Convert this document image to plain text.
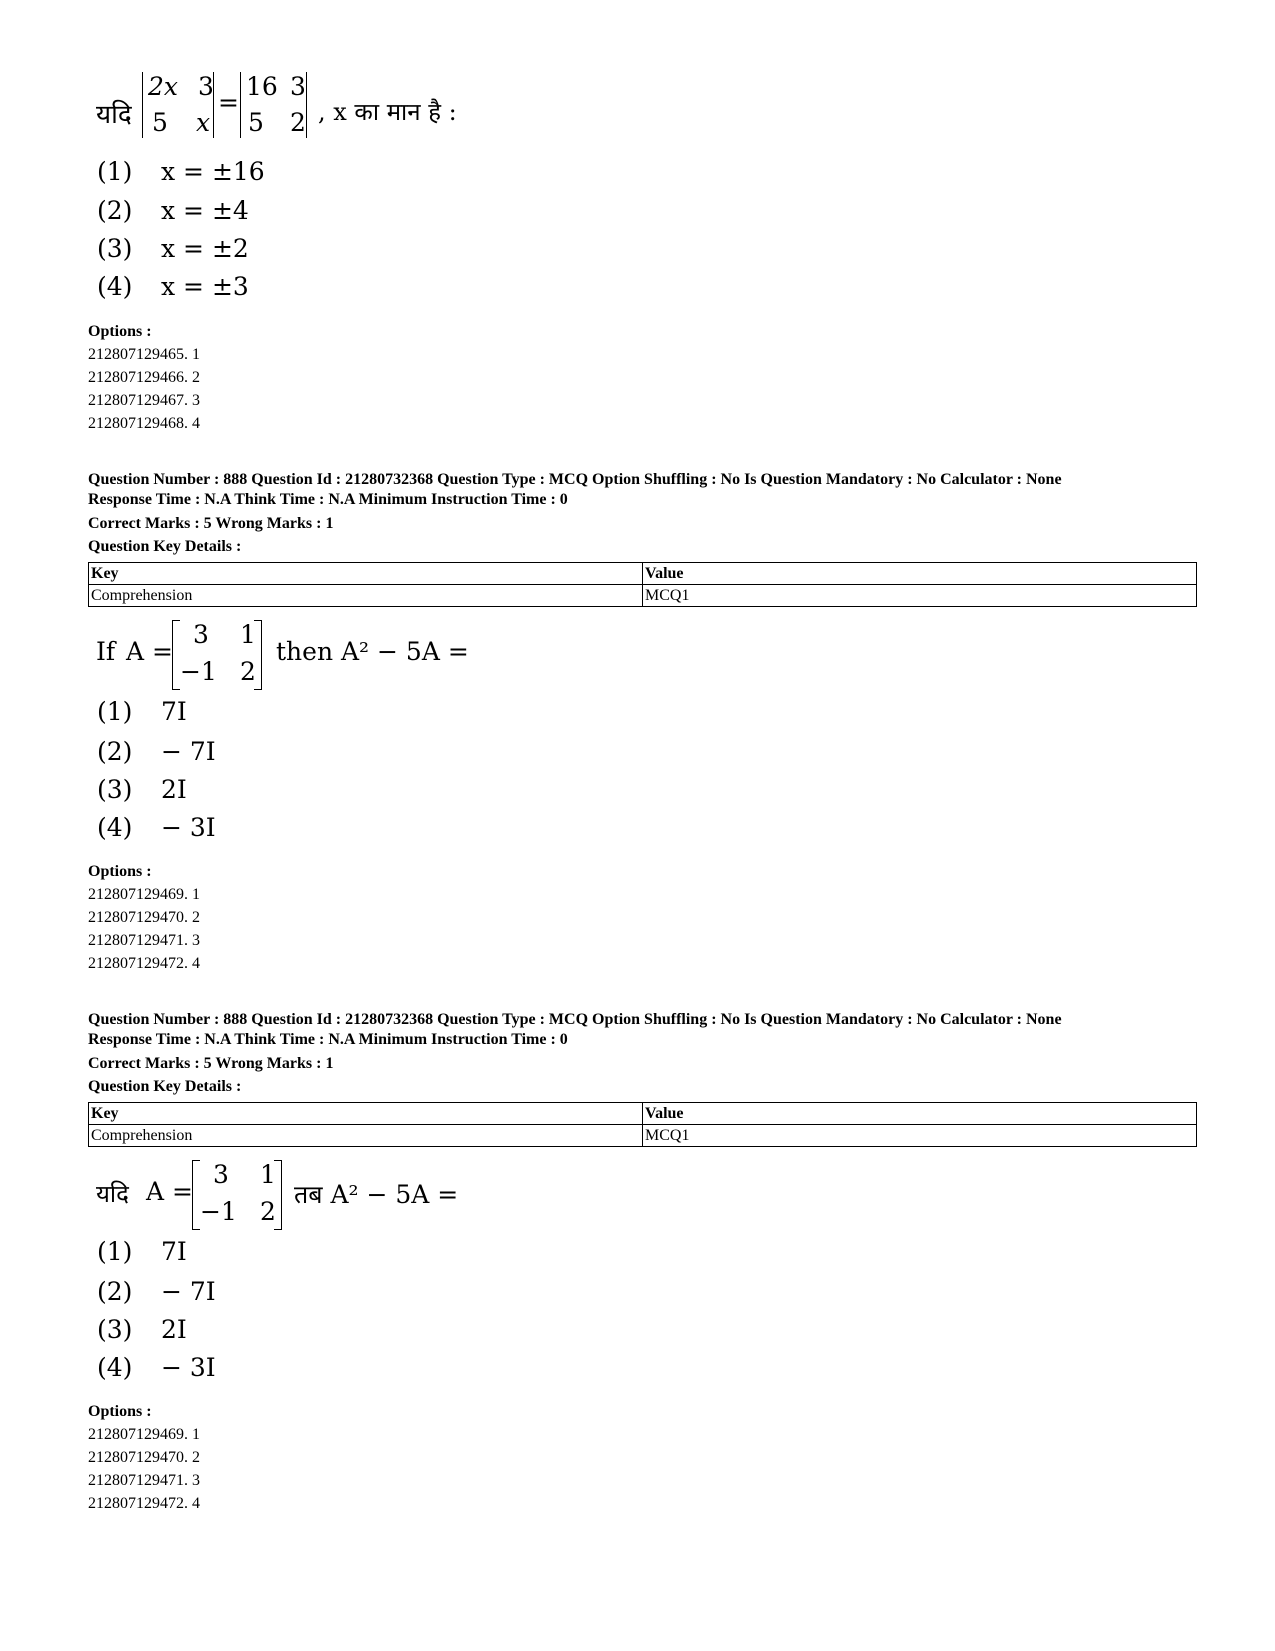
यदि
2x 3
5 x
=
16 3
5 2 , x का मान है :
(1) x = ±16
(2) x = ±4
(3) x = ±2
(4) x = ±3
Options :
212807129465. 1
212807129466. 2
212807129467. 3
212807129468. 4
Question Number : 888 Question Id : 21280732368 Question Type : MCQ Option Shuffling : No Is Question Mandatory : No Calculator : None
Response Time : N.A Think Time : N.A Minimum Instruction Time : 0
Correct Marks : 5 Wrong Marks : 1
Question Key Details :
Key	Value
Comprehension	MCQ1
If A =
3 1
−1 2
then A² − 5A =
(1) 7I
(2) − 7I
(3) 2I
(4) − 3I
Options :
212807129469. 1
212807129470. 2
212807129471. 3
212807129472. 4
Question Number : 888 Question Id : 21280732368 Question Type : MCQ Option Shuffling : No Is Question Mandatory : No Calculator : None
Response Time : N.A Think Time : N.A Minimum Instruction Time : 0
Correct Marks : 5 Wrong Marks : 1
Question Key Details :
Key	Value
Comprehension	MCQ1
यदि A =
3 1
−1 2
तब A² − 5A =
(1) 7I
(2) − 7I
(3) 2I
(4) − 3I
Options :
212807129469. 1
212807129470. 2
212807129471. 3
212807129472. 4
